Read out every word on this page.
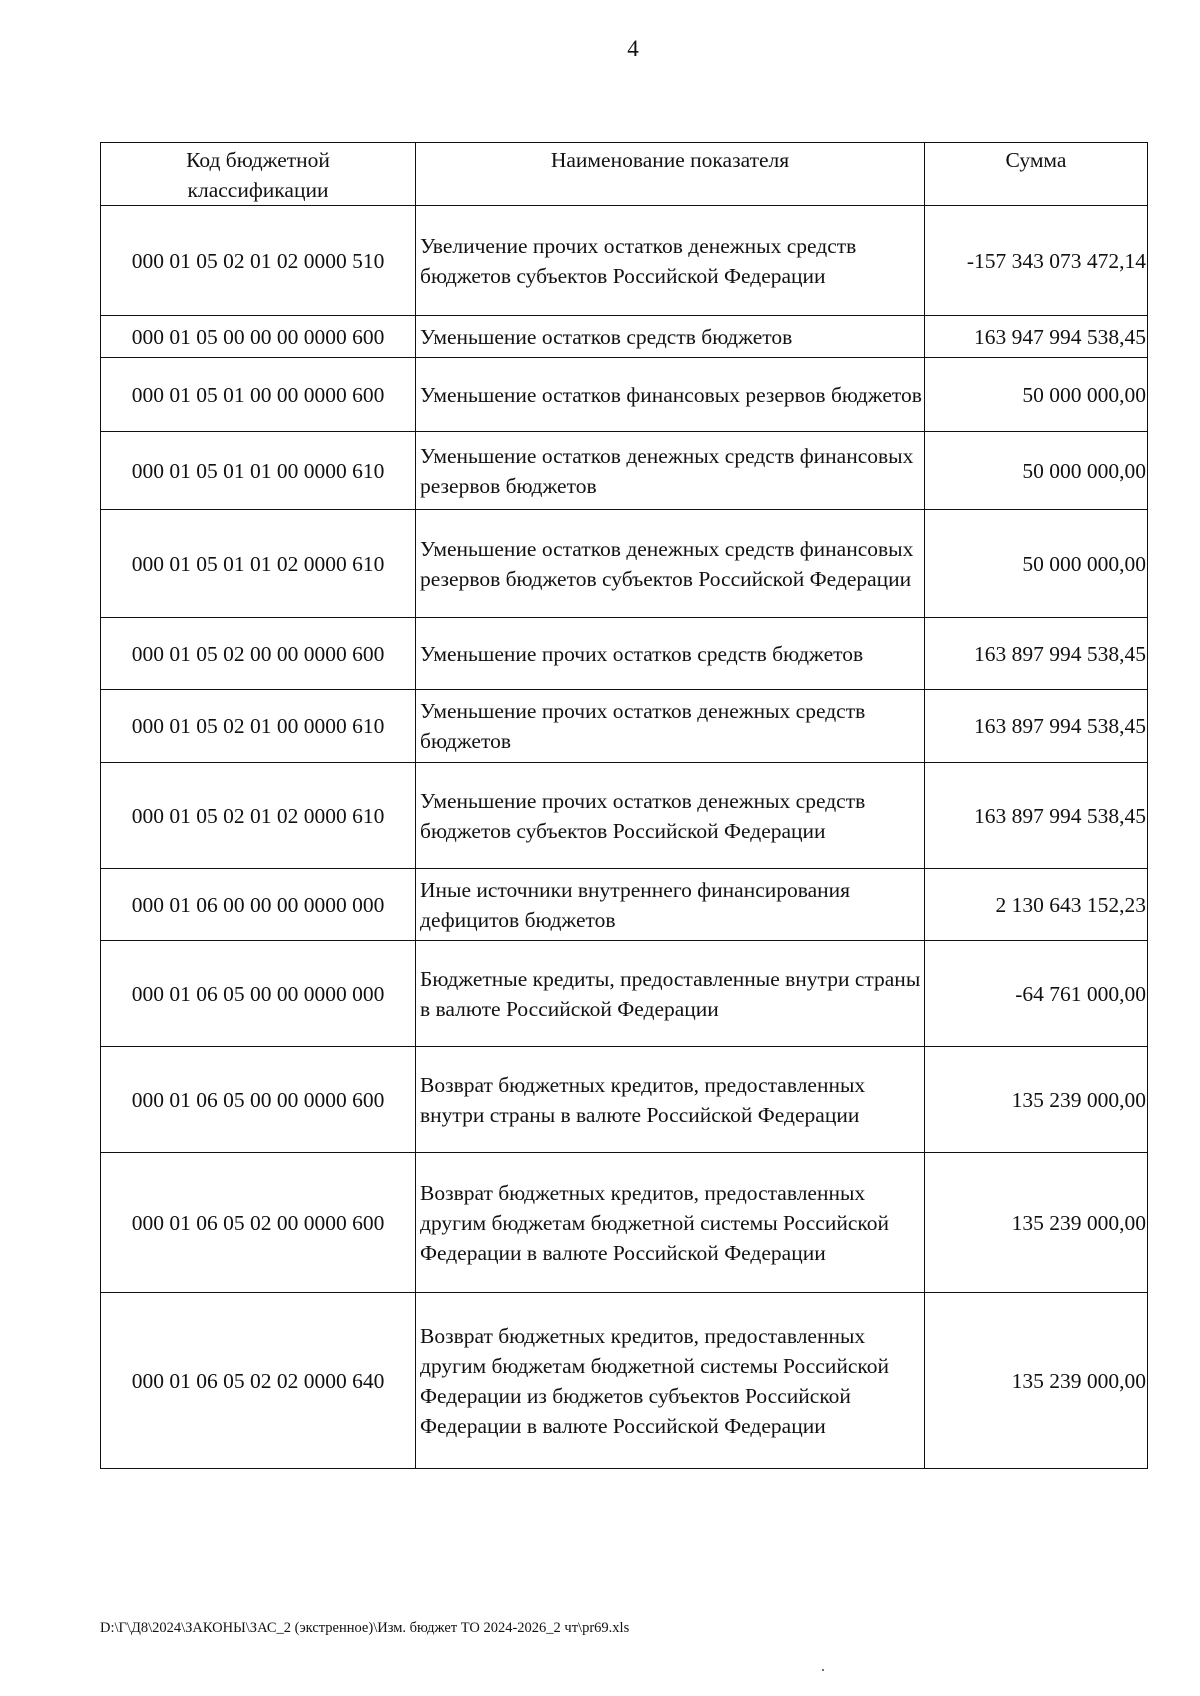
4
Код бюджетной классификации	Наименование показателя	Сумма
000 01 05 02 01 02 0000 510	Увеличение прочих остатков денежных средств бюджетов субъектов Российской Федерации	-157 343 073 472,14
000 01 05 00 00 00 0000 600	Уменьшение остатков средств бюджетов	163 947 994 538,45
000 01 05 01 00 00 0000 600	Уменьшение остатков финансовых резервов бюджетов	50 000 000,00
000 01 05 01 01 00 0000 610	Уменьшение остатков денежных средств финансовых резервов бюджетов	50 000 000,00
000 01 05 01 01 02 0000 610	Уменьшение остатков денежных средств финансовых резервов бюджетов субъектов Российской Федерации	50 000 000,00
000 01 05 02 00 00 0000 600	Уменьшение прочих остатков средств бюджетов	163 897 994 538,45
000 01 05 02 01 00 0000 610	Уменьшение прочих остатков денежных средств бюджетов	163 897 994 538,45
000 01 05 02 01 02 0000 610	Уменьшение прочих остатков денежных средств бюджетов субъектов Российской Федерации	163 897 994 538,45
000 01 06 00 00 00 0000 000	Иные источники внутреннего финансирования дефицитов бюджетов	2 130 643 152,23
000 01 06 05 00 00 0000 000	Бюджетные кредиты, предоставленные внутри страны в валюте Российской Федерации	-64 761 000,00
000 01 06 05 00 00 0000 600	Возврат бюджетных кредитов, предоставленных внутри страны в валюте Российской Федерации	135 239 000,00
000 01 06 05 02 00 0000 600	Возврат бюджетных кредитов, предоставленных другим бюджетам бюджетной системы Российской Федерации в валюте Российской Федерации	135 239 000,00
000 01 06 05 02 02 0000 640	Возврат бюджетных кредитов, предоставленных другим бюджетам бюджетной системы Российской Федерации из бюджетов субъектов Российской Федерации в валюте Российской Федерации	135 239 000,00
D:\Г\Д8\2024\ЗАКОНЫ\ЗАС_2 (экстренное)\Изм. бюджет ТО 2024-2026_2 чт\pr69.xls
